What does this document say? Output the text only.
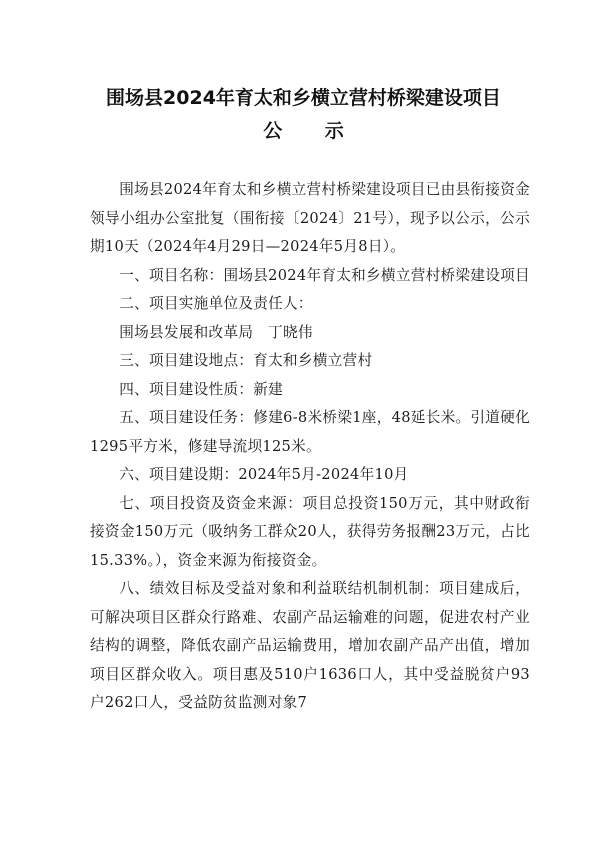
围场县2024年育太和乡横立营村桥梁建设项目
公 示

围场县2024年育太和乡横立营村桥梁建设项目已由县衔接资金领导小组办公室批复（围衔接〔2024〕21号），现予以公示，公示期10天（2024年4月29日—2024年5月8日）。

一、项目名称：围场县2024年育太和乡横立营村桥梁建设项目

二、项目实施单位及责任人：

围场县发展和改革局　丁晓伟

三、项目建设地点：育太和乡横立营村

四、项目建设性质：新建

五、项目建设任务：修建6-8米桥梁1座，48延长米。引道硬化1295平方米，修建导流坝125米。

六、项目建设期：2024年5月-2024年10月

七、项目投资及资金来源：项目总投资150万元，其中财政衔接资金150万元（吸纳务工群众20人，获得劳务报酬23万元，占比15.33%。），资金来源为衔接资金。

八、绩效目标及受益对象和利益联结机制机制：项目建成后，可解决项目区群众行路难、农副产品运输难的问题，促进农村产业结构的调整，降低农副产品运输费用，增加农副产品产出值，增加项目区群众收入。项目惠及510户1636口人，其中受益脱贫户93户262口人，受益防贫监测对象7
